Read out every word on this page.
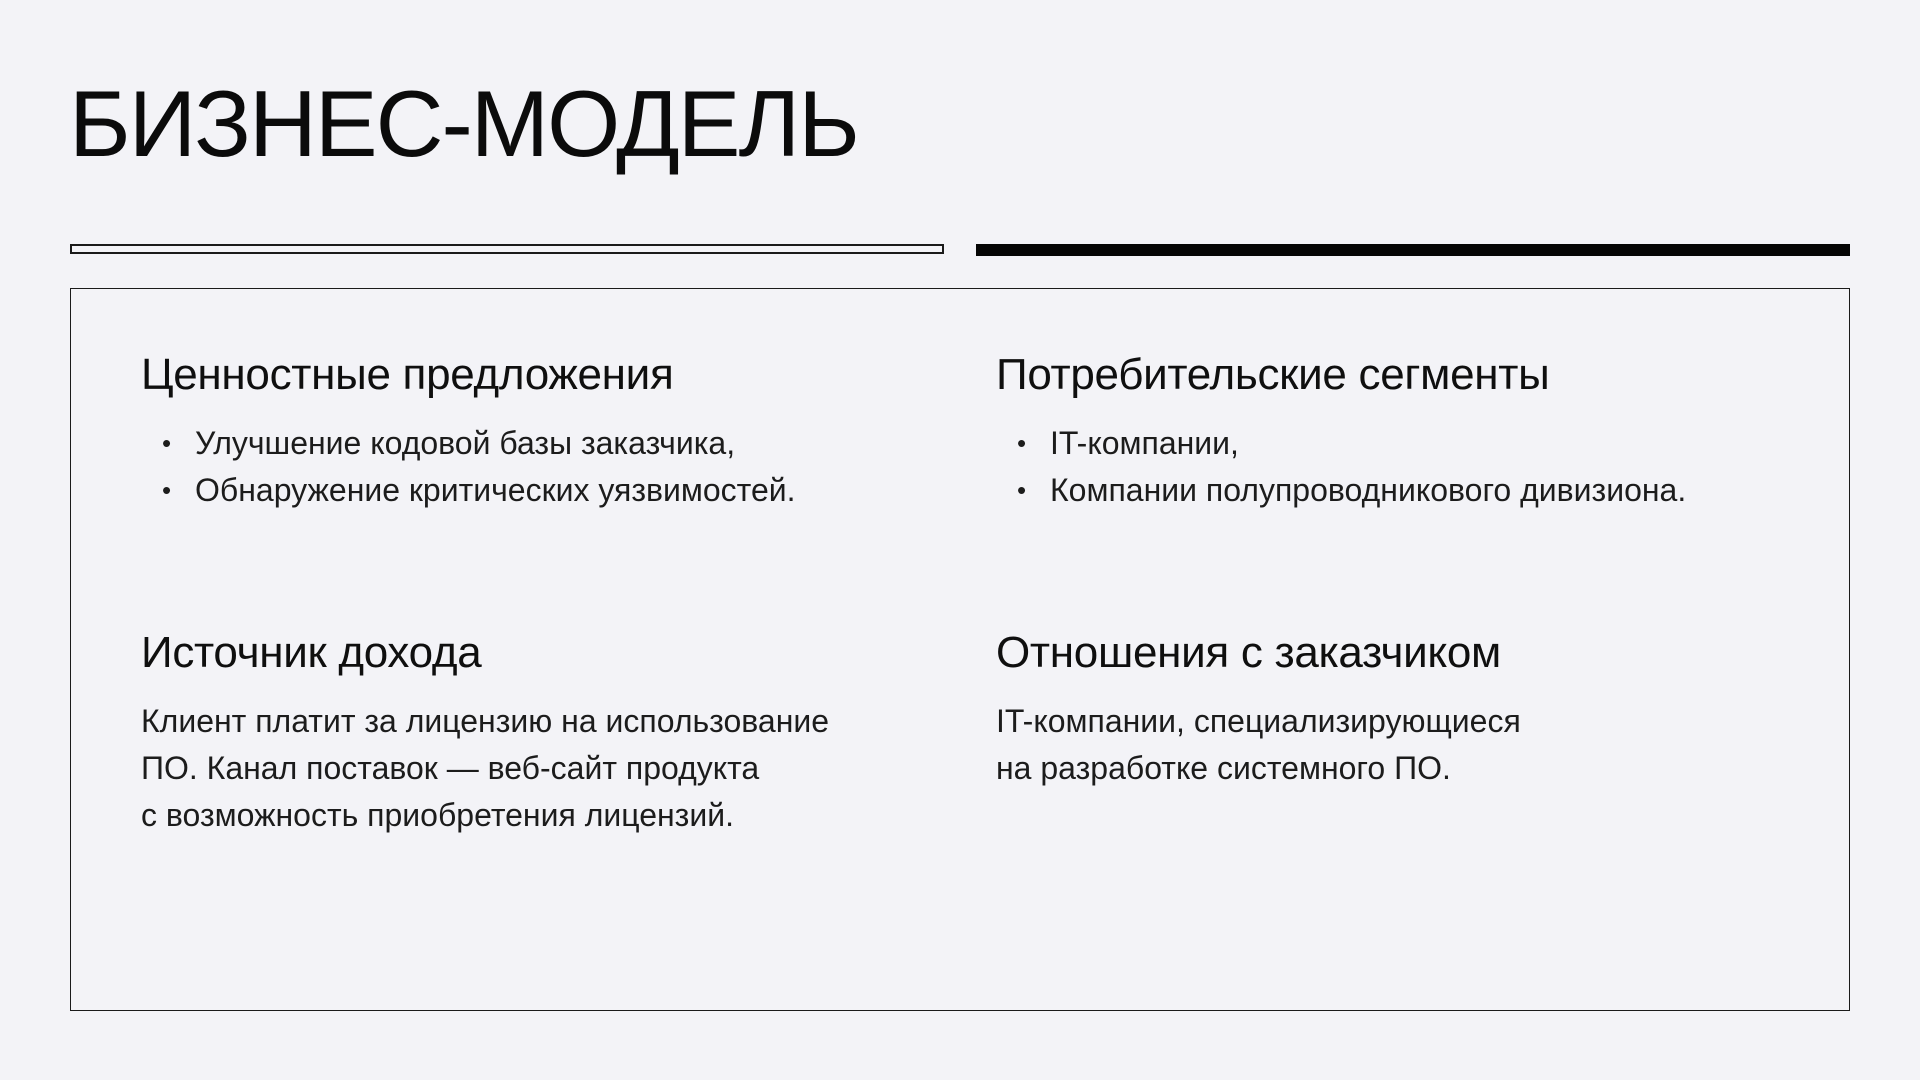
БИЗНЕС-МОДЕЛЬ
Ценностные предложения
• Улучшение кодовой базы заказчика,
• Обнаружение критических уязвимостей.
Потребительские сегменты
• IT-компании,
• Компании полупроводникового дивизиона.
Источник дохода

Клиент платит за лицензию на использование
ПО. Канал поставок — веб-сайт продукта
с возможность приобретения лицензий.

Отношения с заказчиком

IT-компании, специализирующиеся
на разработке системного ПО.
